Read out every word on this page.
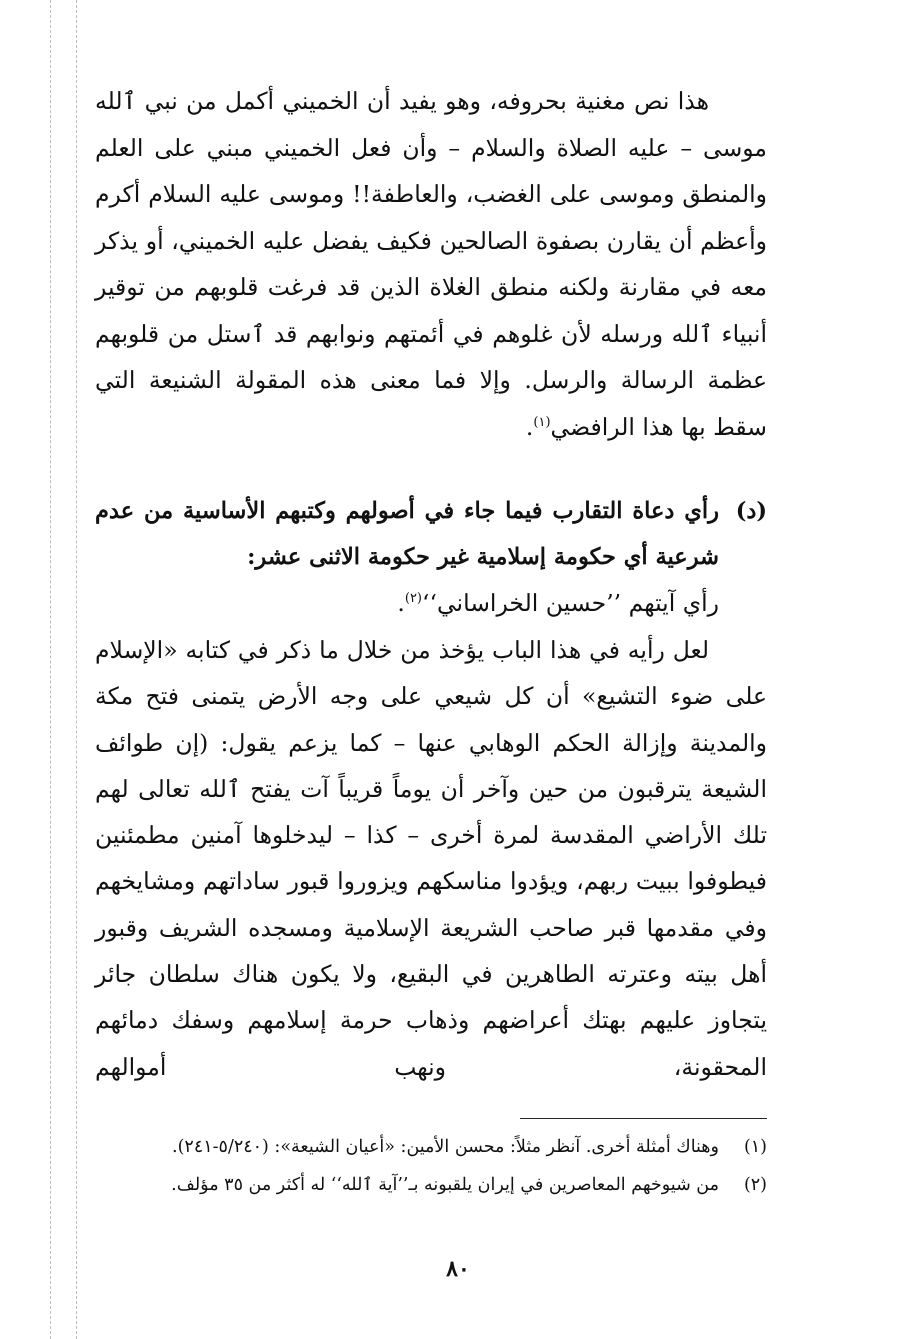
هذا نص مغنية بحروفه، وهو يفيد أن الخميني أكمل من نبي ٱلله موسى – عليه الصلاة والسلام – وأن فعل الخميني مبني على العلم والمنطق وموسى على الغضب، والعاطفة!! وموسى عليه السلام أكرم وأعظم أن يقارن بصفوة الصالحين فكيف يفضل عليه الخميني، أو يذكر معه في مقارنة ولكنه منطق الغلاة الذين قد فرغت قلوبهم من توقير أنبياء ٱلله ورسله لأن غلوهم في أئمتهم ونوابهم قد ٱستل من قلوبهم عظمة الرسالة والرسل. وإلا فما معنى هذه المقولة الشنيعة التي سقط بها هذا الرافضي$^{(١)}$.

(د)
رأي دعاة التقارب فيما جاء في أصولهم وكتبهم الأساسية من عدم شرعية أي حكومة إسلامية غير حكومة الاثنى عشر:
رأي آيتهم ’’حسين الخراساني‘‘$^{(٢)}$.

لعل رأيه في هذا الباب يؤخذ من خلال ما ذكر في كتابه «الإسلام على ضوء التشيع» أن كل شيعي على وجه الأرض يتمنى فتح مكة والمدينة وإزالة الحكم الوهابي عنها – كما يزعم يقول: (إن طوائف الشيعة يترقبون من حين وآخر أن يوماً قريباً آت يفتح ٱلله تعالى لهم تلك الأراضي المقدسة لمرة أخرى – كذا – ليدخلوها آمنين مطمئنين فيطوفوا ببيت ربهم، ويؤدوا مناسكهم ويزوروا قبور ساداتهم ومشايخهم وفي مقدمها قبر صاحب الشريعة الإسلامية ومسجده الشريف وقبور أهل بيته وعترته الطاهرين في البقيع، ولا يكون هناك سلطان جائر يتجاوز عليهم بهتك أعراضهم وذهاب حرمة إسلامهم وسفك دمائهم المحقونة، ونهب أموالهم

(١)
وهناك أمثلة أخرى. آنظر مثلاً: محسن الأمين: «أعيان الشيعة»: (٥/٢٤٠-٢٤١).
(٢)
من شيوخهم المعاصرين في إيران يلقبونه بـ’’آية ٱلله‘‘ له أكثر من ٣٥ مؤلف.
٨٠
